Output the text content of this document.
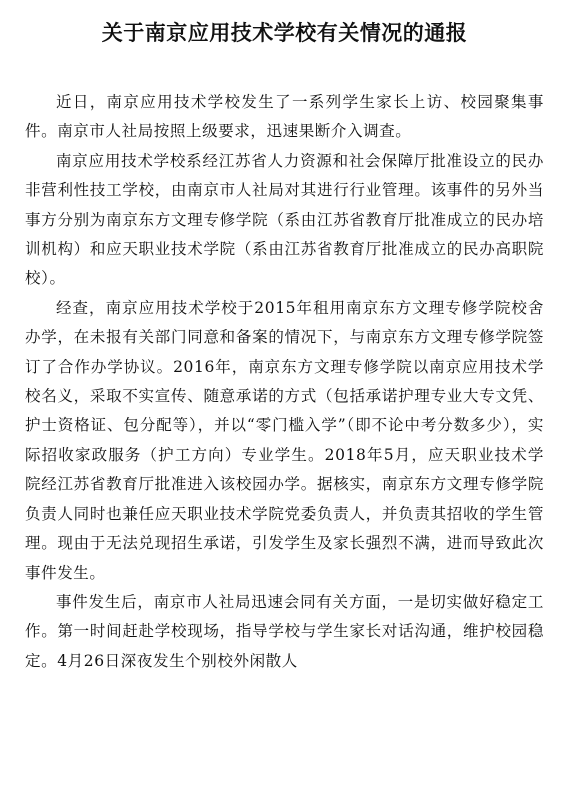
关于南京应用技术学校有关情况的通报

近日，南京应用技术学校发生了一系列学生家长上访、校园聚集事件。南京市人社局按照上级要求，迅速果断介入调查。

南京应用技术学校系经江苏省人力资源和社会保障厅批准设立的民办非营利性技工学校，由南京市人社局对其进行行业管理。该事件的另外当事方分别为南京东方文理专修学院（系由江苏省教育厅批准成立的民办培训机构）和应天职业技术学院（系由江苏省教育厅批准成立的民办高职院校）。

经查，南京应用技术学校于2015年租用南京东方文理专修学院校舍办学，在未报有关部门同意和备案的情况下，与南京东方文理专修学院签订了合作办学协议。2016年，南京东方文理专修学院以南京应用技术学校名义，采取不实宣传、随意承诺的方式（包括承诺护理专业大专文凭、护士资格证、包分配等），并以“零门槛入学”（即不论中考分数多少），实际招收家政服务（护工方向）专业学生。2018年5月，应天职业技术学院经江苏省教育厅批准进入该校园办学。据核实，南京东方文理专修学院负责人同时也兼任应天职业技术学院党委负责人，并负责其招收的学生管理。现由于无法兑现招生承诺，引发学生及家长强烈不满，进而导致此次事件发生。

事件发生后，南京市人社局迅速会同有关方面，一是切实做好稳定工作。第一时间赶赴学校现场，指导学校与学生家长对话沟通，维护校园稳定。4月26日深夜发生个别校外闲散人
